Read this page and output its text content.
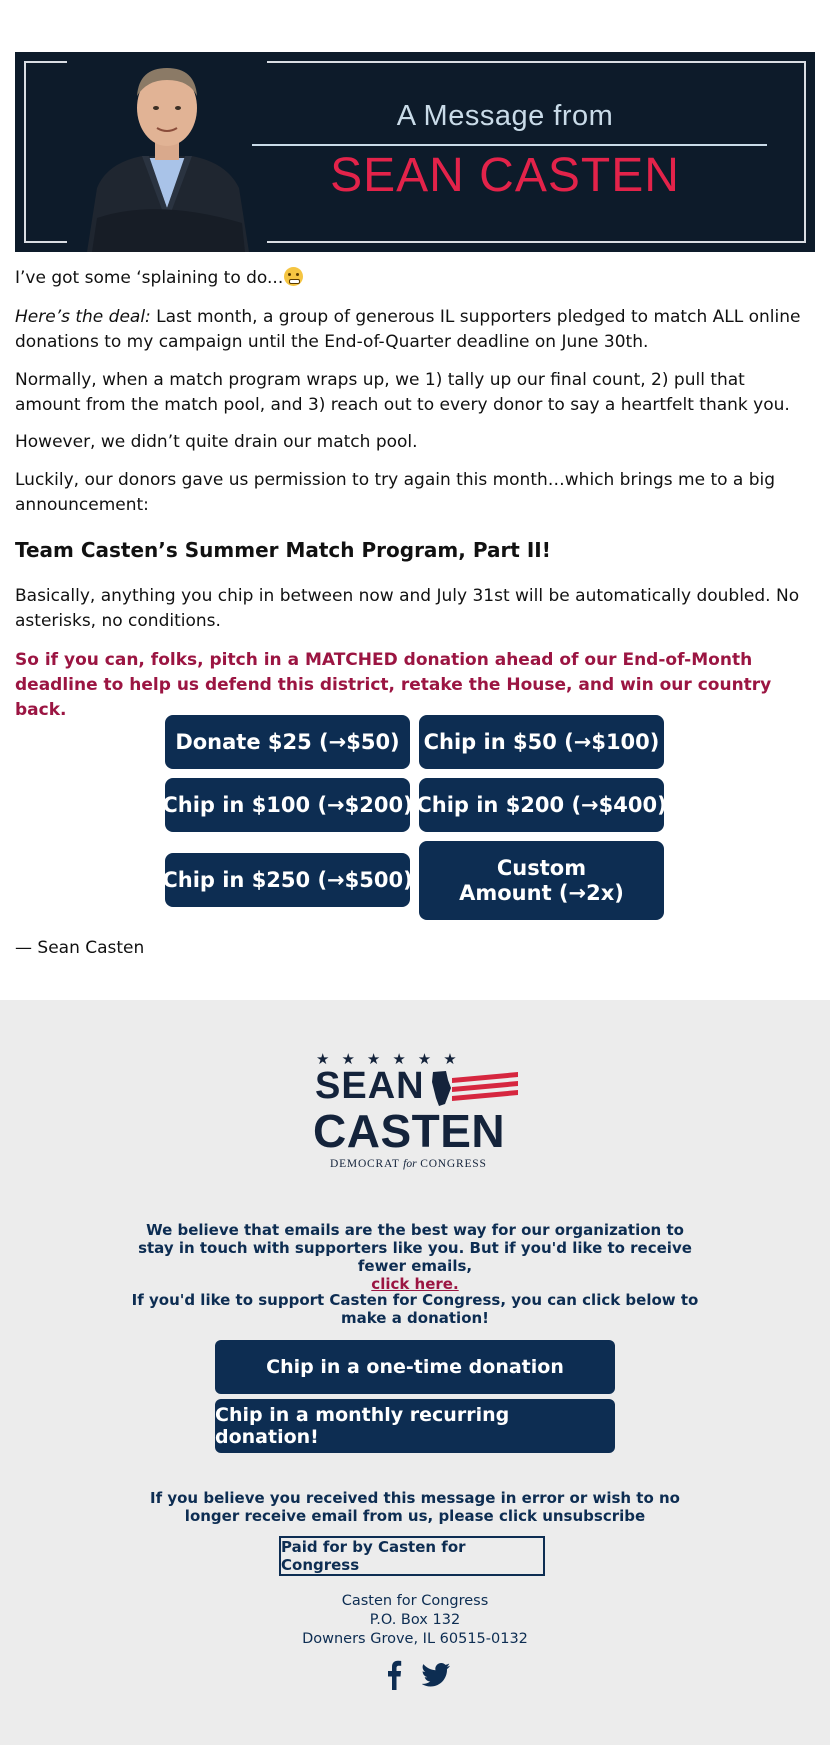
A Message from
SEAN CASTEN

I’ve got some ‘splaining to do...

Here’s the deal: Last month, a group of generous IL supporters pledged to match ALL online donations to my campaign until the End-of-Quarter deadline on June 30th.

Normally, when a match program wraps up, we 1) tally up our final count, 2) pull that amount from the match pool, and 3) reach out to every donor to say a heartfelt thank you.

However, we didn’t quite drain our match pool.

Luckily, our donors gave us permission to try again this month…which brings me to a big announcement:

Team Casten’s Summer Match Program, Part II!

Basically, anything you chip in between now and July 31st will be automatically doubled. No asterisks, no conditions.

So if you can, folks, pitch in a MATCHED donation ahead of our End-of-Month deadline to help us defend this district, retake the House, and win our country back.

Donate $25 (→$50)	Chip in $50 (→$100)
Chip in $100 (→$200) Chip in $200 (→$400)
Chip in $250 (→$500)	Custom Amount (→2x)

— Sean Casten

★★★★★★
SEAN
CASTEN
DEMOCRAT for CONGRESS

We believe that emails are the best way for our organization to stay in touch with supporters like you. But if you'd like to receive fewer emails,
click here.

If you'd like to support Casten for Congress, you can click below to make a donation!

Chip in a one-time donation
Chip in a monthly recurring donation!

If you believe you received this message in error or wish to no longer receive email from us, please click unsubscribe

Paid for by Casten for Congress

Casten for Congress

P.O. Box 132

Downers Grove, IL 60515-0132
